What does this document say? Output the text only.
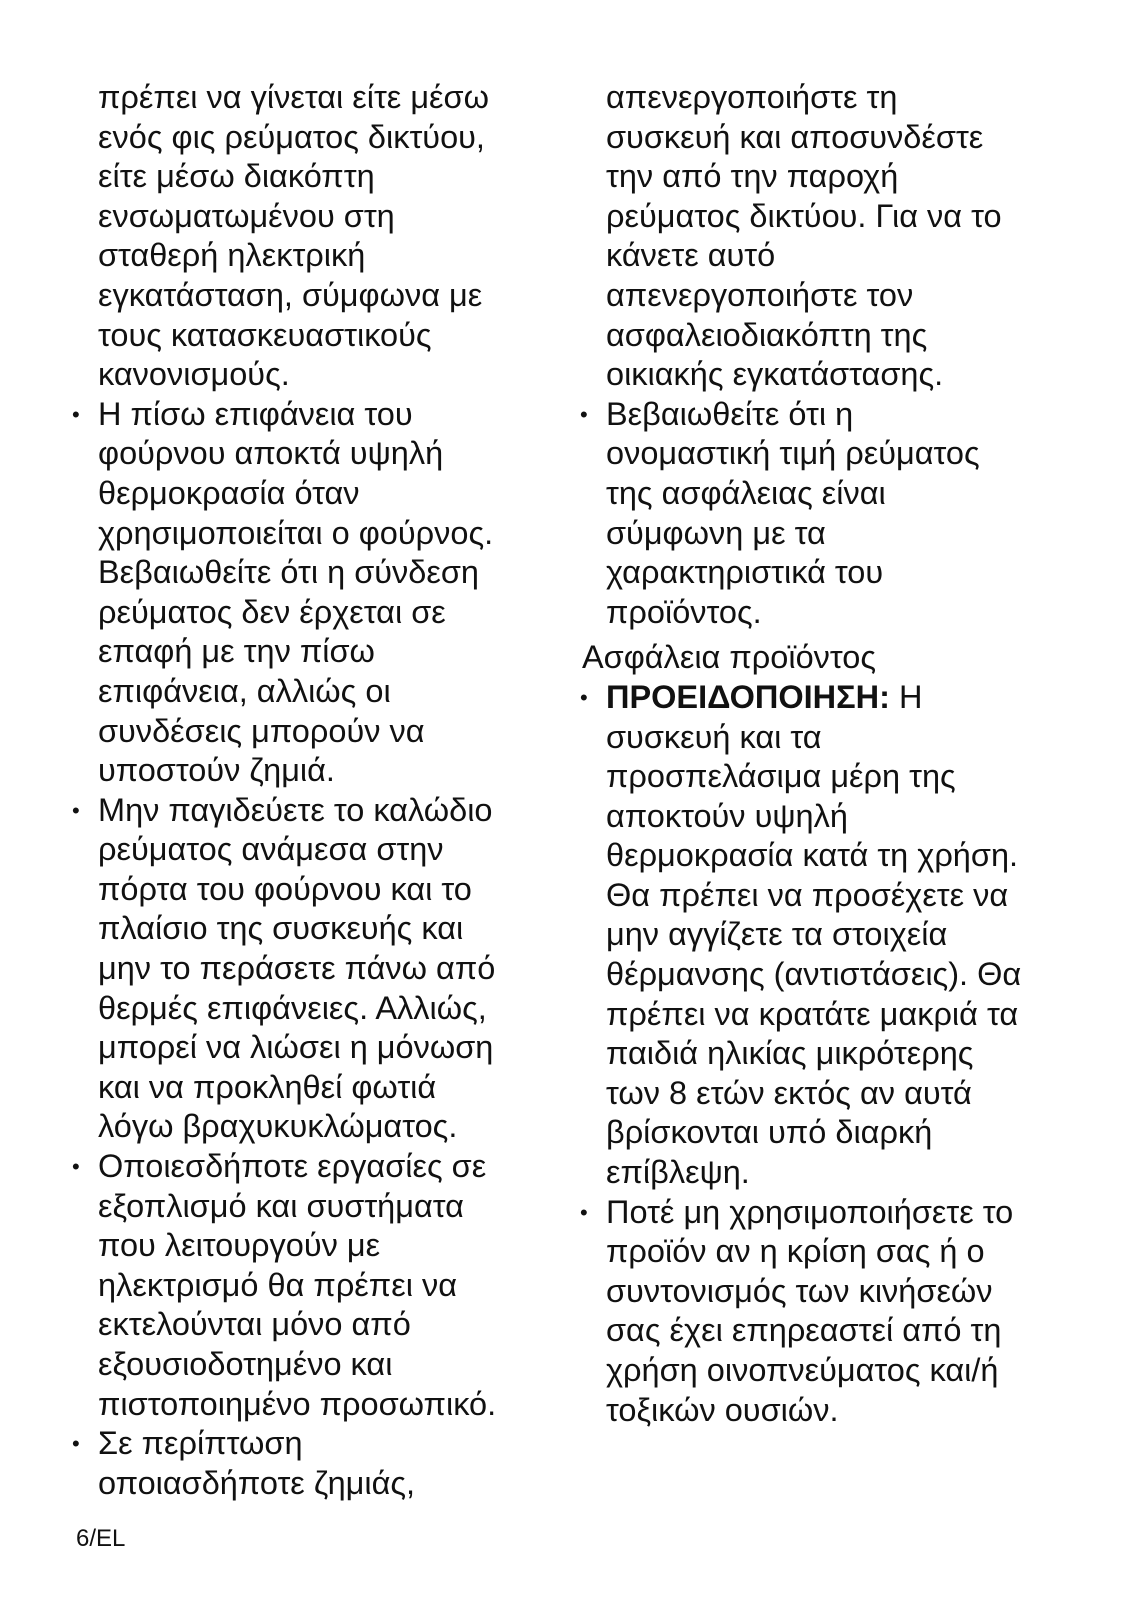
πρέπει να γίνεται είτε μέσω
ενός φις ρεύματος δικτύου,
είτε μέσω διακόπτη
ενσωματωμένου στη
σταθερή ηλεκτρική
εγκατάσταση, σύμφωνα με
τους κατασκευαστικούς
κανονισμούς.
• Η πίσω επιφάνεια του
φούρνου αποκτά υψηλή
θερμοκρασία όταν
χρησιμοποιείται ο φούρνος.
Βεβαιωθείτε ότι η σύνδεση
ρεύματος δεν έρχεται σε
επαφή με την πίσω
επιφάνεια, αλλιώς οι
συνδέσεις μπορούν να
υποστούν ζημιά.
• Μην παγιδεύετε το καλώδιο
ρεύματος ανάμεσα στην
πόρτα του φούρνου και το
πλαίσιο της συσκευής και
μην το περάσετε πάνω από
θερμές επιφάνειες. Αλλιώς,
μπορεί να λιώσει η μόνωση
και να προκληθεί φωτιά
λόγω βραχυκυκλώματος.
• Οποιεσδήποτε εργασίες σε
εξοπλισμό και συστήματα
που λειτουργούν με
ηλεκτρισμό θα πρέπει να
εκτελούνται μόνο από
εξουσιοδοτημένο και
πιστοποιημένο προσωπικό.
• Σε περίπτωση
οποιασδήποτε ζημιάς,
απενεργοποιήστε τη
συσκευή και αποσυνδέστε
την από την παροχή
ρεύματος δικτύου. Για να το
κάνετε αυτό
απενεργοποιήστε τον
ασφαλειοδιακόπτη της
οικιακής εγκατάστασης.
• Βεβαιωθείτε ότι η
ονομαστική τιμή ρεύματος
της ασφάλειας είναι
σύμφωνη με τα
χαρακτηριστικά του
προϊόντος.
Ασφάλεια προϊόντος
• ΠΡΟΕΙΔΟΠΟΙΗΣΗ: Η
συσκευή και τα
προσπελάσιμα μέρη της
αποκτούν υψηλή
θερμοκρασία κατά τη χρήση.
Θα πρέπει να προσέχετε να
μην αγγίζετε τα στοιχεία
θέρμανσης (αντιστάσεις). Θα
πρέπει να κρατάτε μακριά τα
παιδιά ηλικίας μικρότερης
των 8 ετών εκτός αν αυτά
βρίσκονται υπό διαρκή
επίβλεψη.
• Ποτέ μη χρησιμοποιήσετε το
προϊόν αν η κρίση σας ή ο
συντονισμός των κινήσεών
σας έχει επηρεαστεί από τη
χρήση οινοπνεύματος και/ή
τοξικών ουσιών.
6/EL
